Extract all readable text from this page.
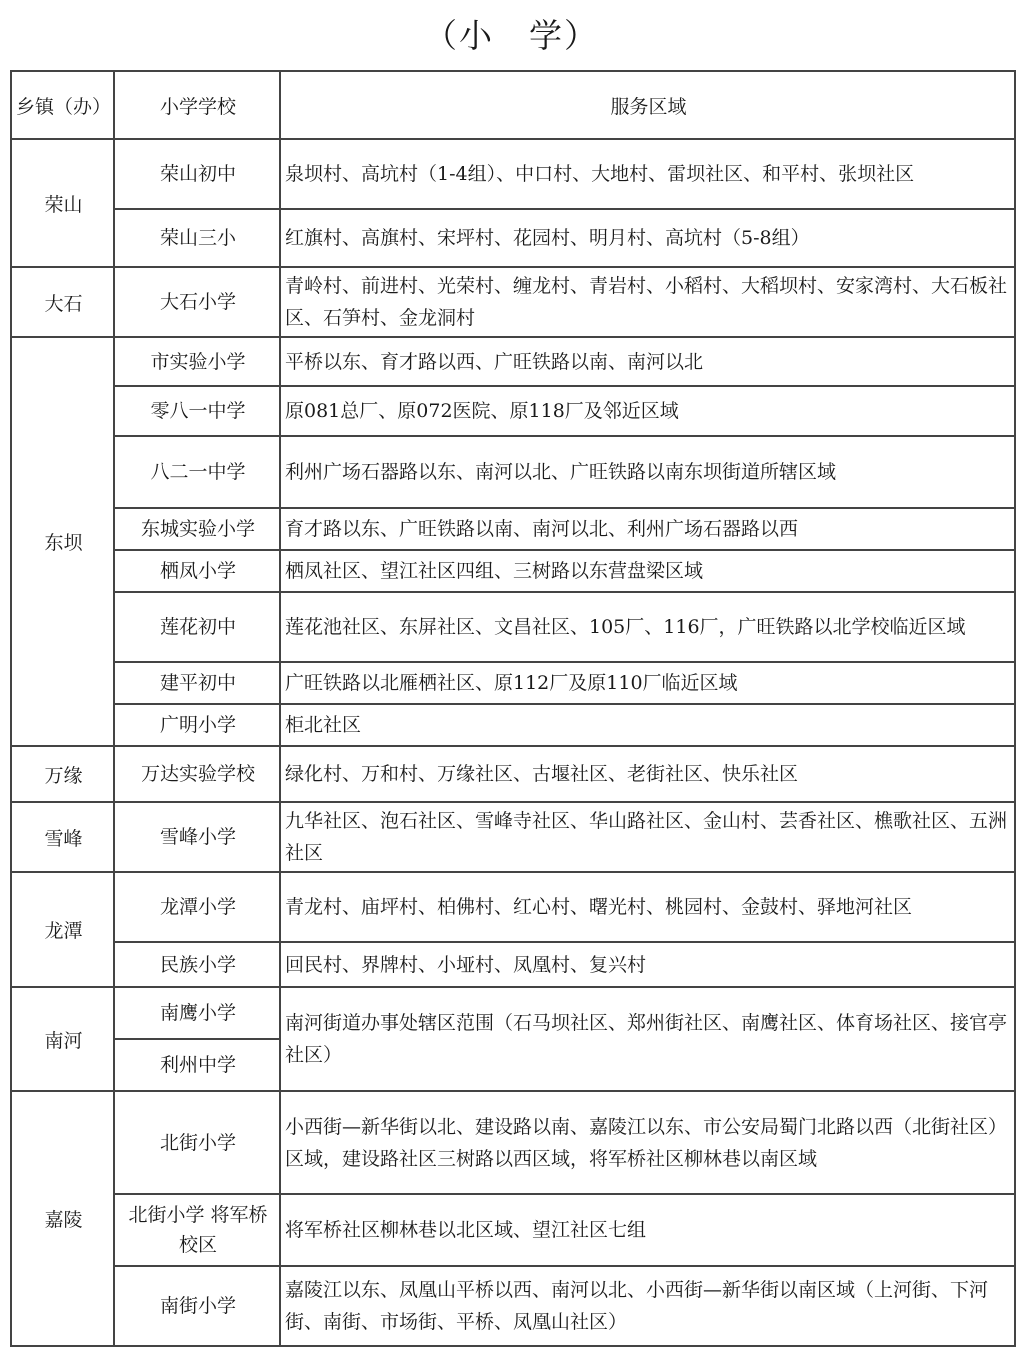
（小　学）
乡镇（办）	小学学校	服务区域
荣山	荣山初中	泉坝村、高坑村（1-4组）、中口村、大地村、雷坝社区、和平村、张坝社区
	荣山三小	红旗村、高旗村、宋坪村、花园村、明月村、高坑村（5-8组）
大石	大石小学	青岭村、前进村、光荣村、缠龙村、青岩村、小稻村、大稻坝村、安家湾村、大石板社区、石笋村、金龙洞村
东坝	市实验小学	平桥以东、育才路以西、广旺铁路以南、南河以北
	零八一中学	原081总厂、原072医院、原118厂及邻近区域
	八二一中学	利州广场石器路以东、南河以北、广旺铁路以南东坝街道所辖区域
	东城实验小学	育才路以东、广旺铁路以南、南河以北、利州广场石器路以西
	栖凤小学	栖凤社区、望江社区四组、三树路以东营盘梁区域
	莲花初中	莲花池社区、东屏社区、文昌社区、105厂、116厂，广旺铁路以北学校临近区域
	建平初中	广旺铁路以北雁栖社区、原112厂及原110厂临近区域
	广明小学	柜北社区
万缘	万达实验学校	绿化村、万和村、万缘社区、古堰社区、老街社区、快乐社区
雪峰	雪峰小学	九华社区、泡石社区、雪峰寺社区、华山路社区、金山村、芸香社区、樵歌社区、五洲社区
龙潭	龙潭小学	青龙村、庙坪村、柏佛村、红心村、曙光村、桃园村、金鼓村、驿地河社区
	民族小学	回民村、界牌村、小垭村、凤凰村、复兴村
南河	南鹰小学	南河街道办事处辖区范围（石马坝社区、郑州街社区、南鹰社区、体育场社区、接官亭社区）
	利州中学	
嘉陵	北街小学	小西街—新华街以北、建设路以南、嘉陵江以东、市公安局蜀门北路以西（北街社区）区域，建设路社区三树路以西区域，将军桥社区柳林巷以南区域
	北街小学 将军桥校区	将军桥社区柳林巷以北区域、望江社区七组
	南街小学	嘉陵江以东、凤凰山平桥以西、南河以北、小西街—新华街以南区域（上河街、下河街、南街、市场街、平桥、凤凰山社区）
